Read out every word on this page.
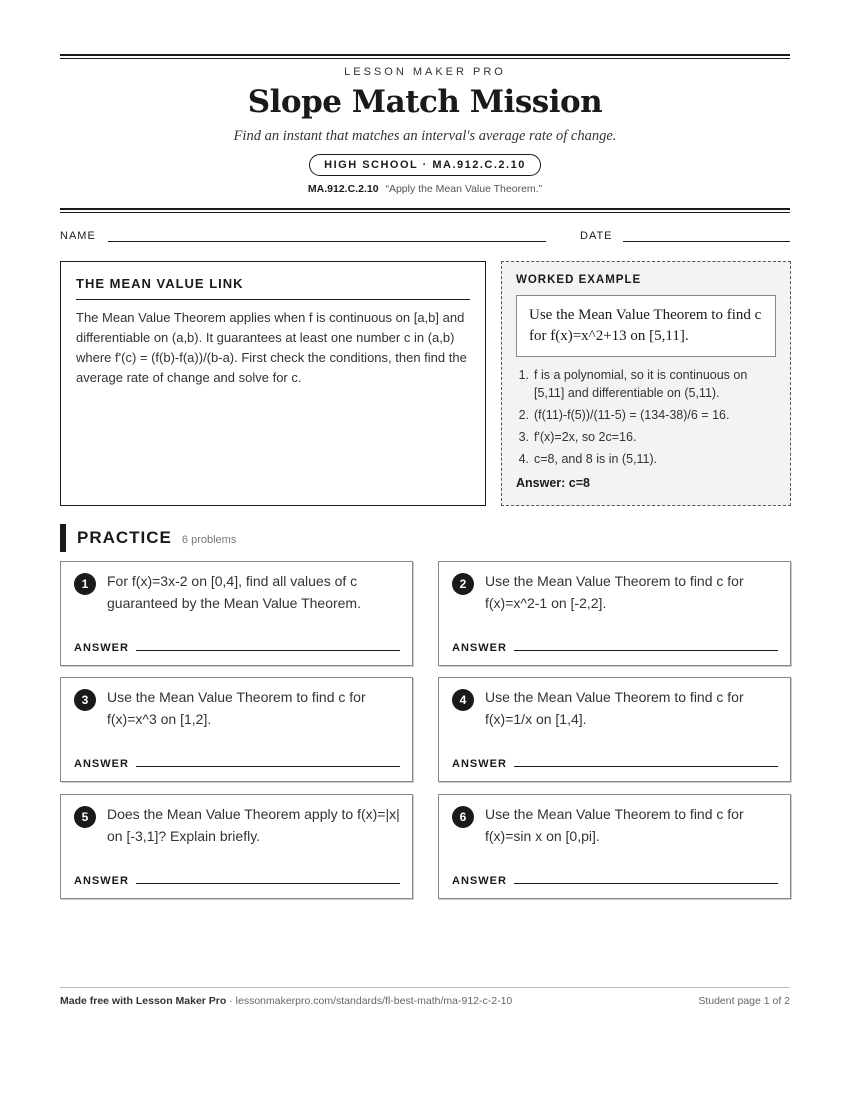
LESSON MAKER PRO
Slope Match Mission
Find an instant that matches an interval's average rate of change.
HIGH SCHOOL · MA.912.C.2.10
MA.912.C.2.10 “Apply the Mean Value Theorem.”
NAME	DATE
THE MEAN VALUE LINK
The Mean Value Theorem applies when f is continuous on [a,b] and differentiable on (a,b). It guarantees at least one number c in (a,b) where f'(c) = (f(b)-f(a))/(b-a). First check the conditions, then find the average rate of change and solve for c.
WORKED EXAMPLE
Use the Mean Value Theorem to find c for f(x)=x^2+13 on [5,11].
1. f is a polynomial, so it is continuous on [5,11] and differentiable on (5,11).
2. (f(11)-f(5))/(11-5) = (134-38)/6 = 16.
3. f'(x)=2x, so 2c=16.
4. c=8, and 8 is in (5,11).
Answer: c=8
PRACTICE 6 problems
1	For f(x)=3x-2 on [0,4], find all values of c guaranteed by the Mean Value Theorem.
ANSWER
2	Use the Mean Value Theorem to find c for f(x)=x^2-1 on [-2,2].
ANSWER
3	Use the Mean Value Theorem to find c for f(x)=x^3 on [1,2].
ANSWER
4	Use the Mean Value Theorem to find c for f(x)=1/x on [1,4].
ANSWER
5	Does the Mean Value Theorem apply to f(x)=|x| on [-3,1]? Explain briefly.
ANSWER
6	Use the Mean Value Theorem to find c for f(x)=sin x on [0,pi].
ANSWER
Made free with Lesson Maker Pro · lessonmakerpro.com/standards/fl-best-math/ma-912-c-2-10	Student page 1 of 2
